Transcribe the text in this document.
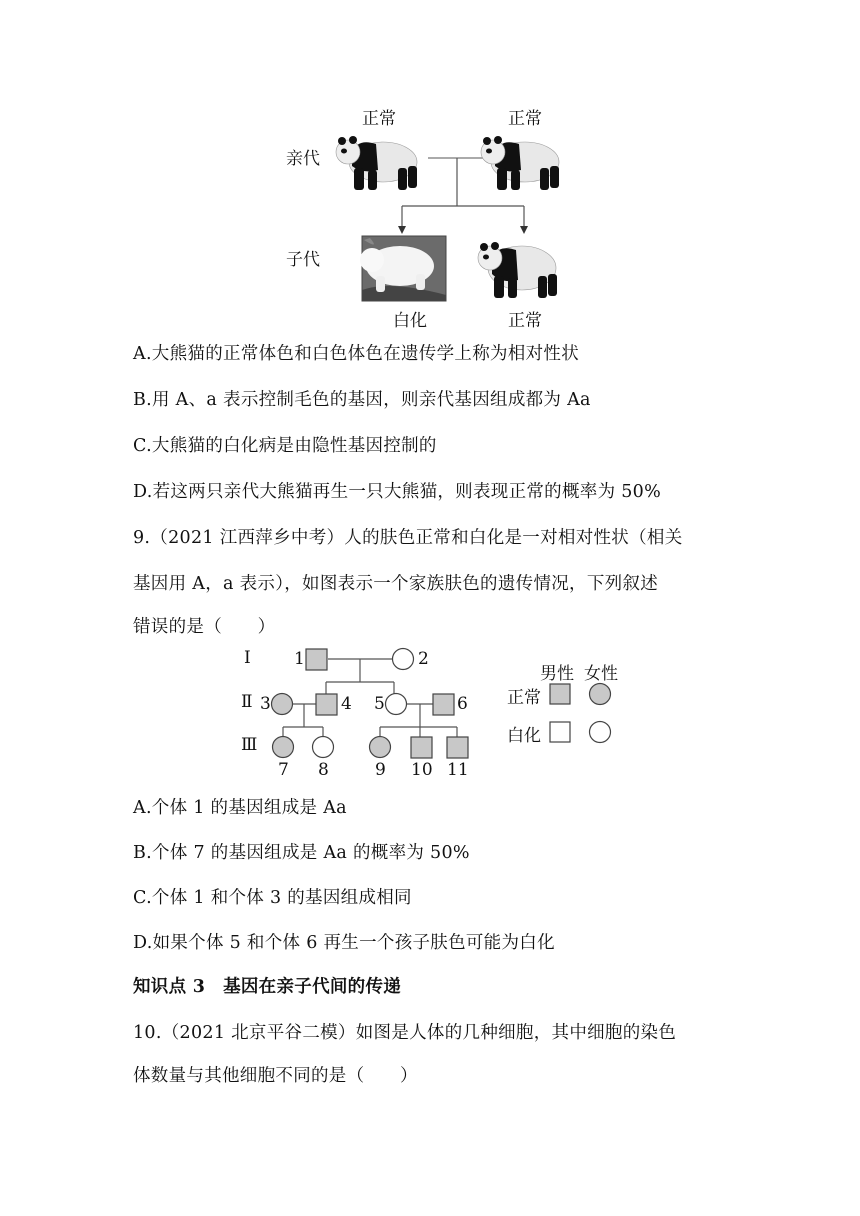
亲代
子代
正常	正常
白化	正常
A.大熊猫的正常体色和白色体色在遗传学上称为相对性状
B.用 A、a 表示控制毛色的基因，则亲代基因组成都为 Aa
C.大熊猫的白化病是由隐性基因控制的
D.若这两只亲代大熊猫再生一只大熊猫，则表现正常的概率为 50%
9.（2021 江西萍乡中考）人的肤色正常和白化是一对相对性状（相关
基因用 A，a 表示），如图表示一个家族肤色的遗传情况，下列叙述
错误的是（　　）
Ⅰ
Ⅱ
Ⅲ
1	2
3	4 5	6
7 8	9 10 11
男性 女性
正常
白化
A.个体 1 的基因组成是 Aa
B.个体 7 的基因组成是 Aa 的概率为 50%
C.个体 1 和个体 3 的基因组成相同
D.如果个体 5 和个体 6 再生一个孩子肤色可能为白化
知识点 3　基因在亲子代间的传递
10.（2021 北京平谷二模）如图是人体的几种细胞，其中细胞的染色
体数量与其他细胞不同的是（　　）
